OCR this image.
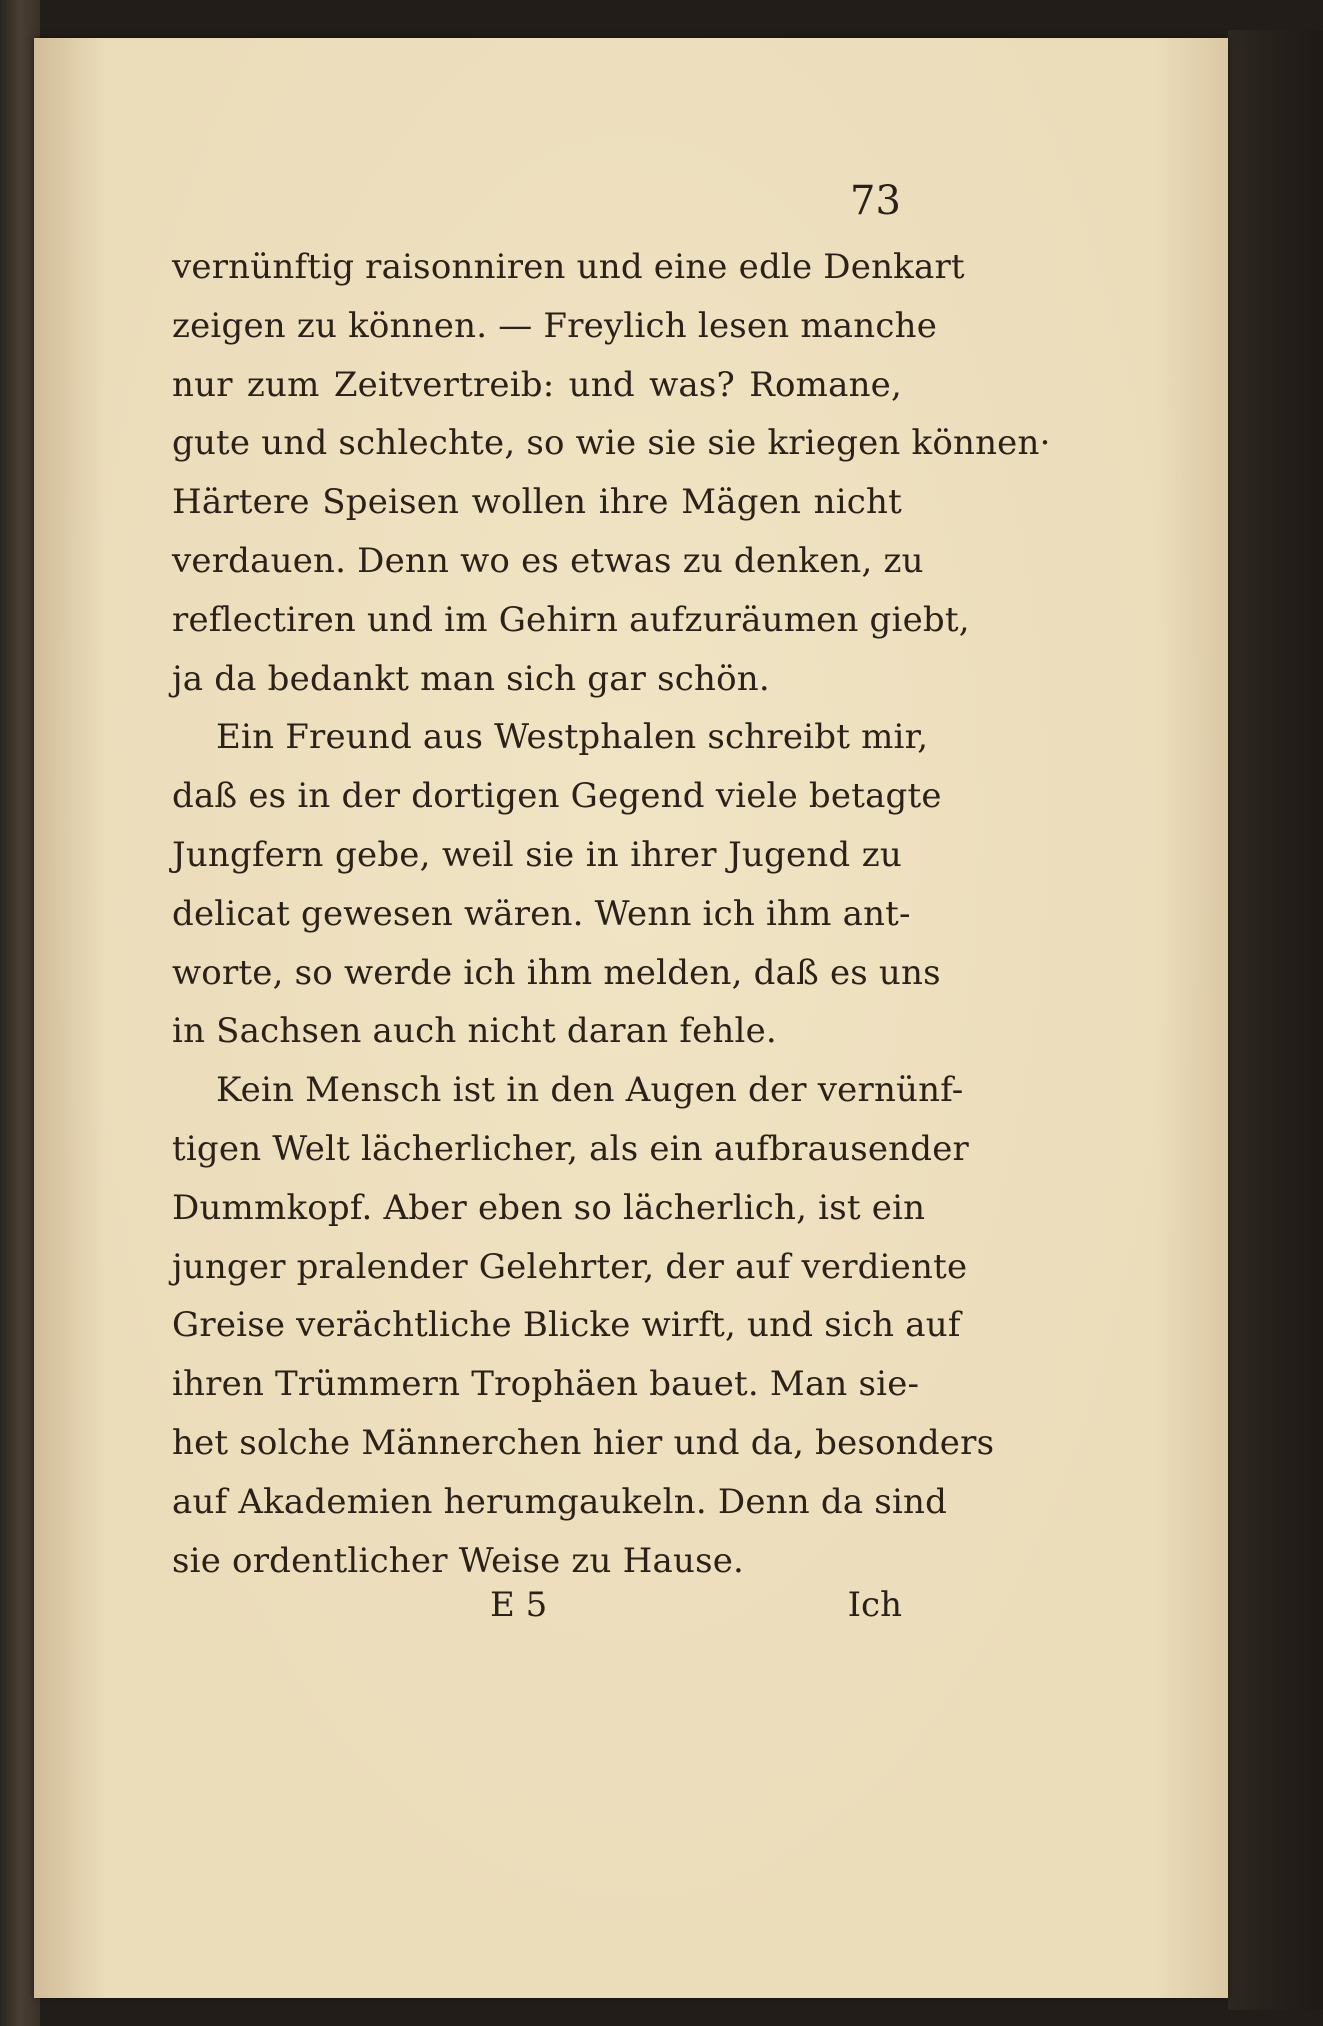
73
vernünftig raisonniren und eine edle Denkart
zeigen zu können. — Freylich lesen manche
nur zum Zeitvertreib: und was? Romane,
gute und schlechte, so wie sie sie kriegen können·
Härtere Speisen wollen ihre Mägen nicht
verdauen. Denn wo es etwas zu denken, zu
reflectiren und im Gehirn aufzuräumen giebt,
ja da bedankt man sich gar schön.
Ein Freund aus Westphalen schreibt mir,
daß es in der dortigen Gegend viele betagte
Jungfern gebe, weil sie in ihrer Jugend zu
delicat gewesen wären. Wenn ich ihm ant-
worte, so werde ich ihm melden, daß es uns
in Sachsen auch nicht daran fehle.
Kein Mensch ist in den Augen der vernünf-
tigen Welt lächerlicher, als ein aufbrausender
Dummkopf. Aber eben so lächerlich, ist ein
junger pralender Gelehrter, der auf verdiente
Greise verächtliche Blicke wirft, und sich auf
ihren Trümmern Trophäen bauet. Man sie-
het solche Männerchen hier und da, besonders
auf Akademien herumgaukeln. Denn da sind
sie ordentlicher Weise zu Hause.
E 5	Ich
